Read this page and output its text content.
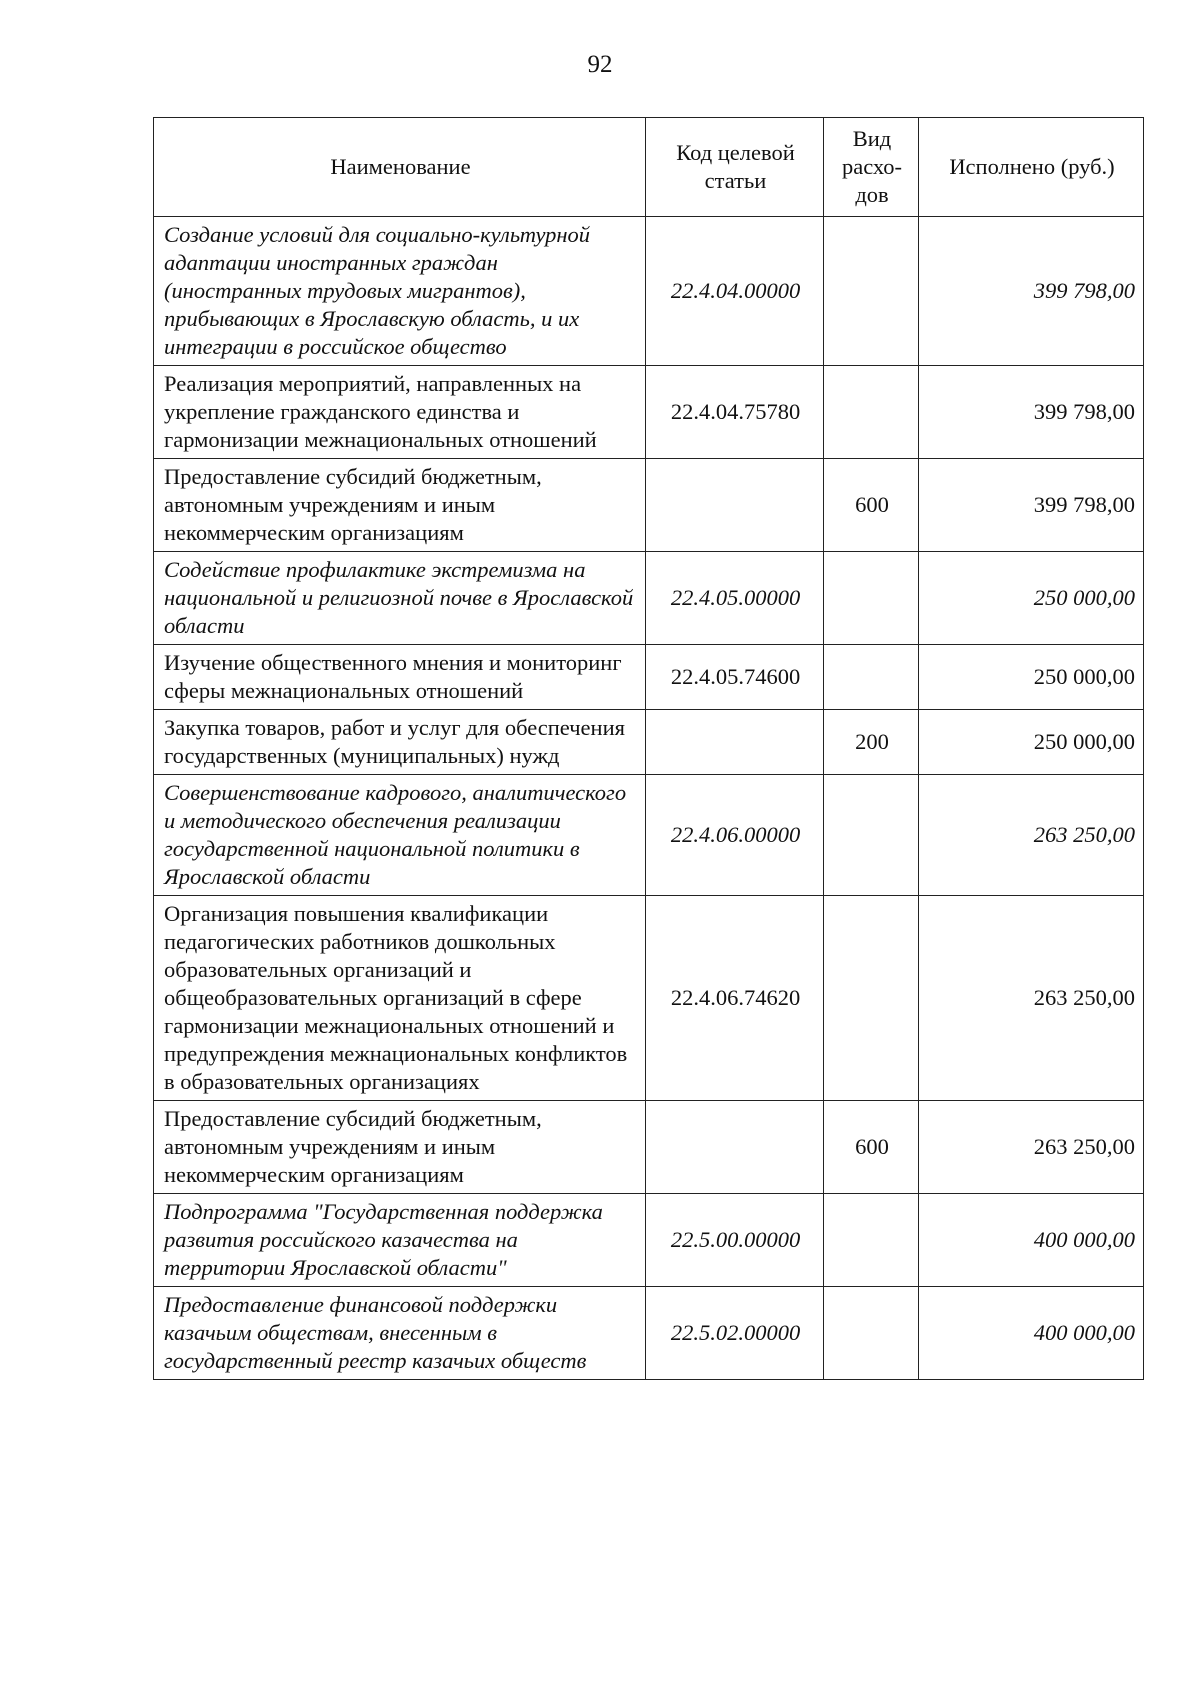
92
Наименование	Код целевой статьи	Вид расхо-дов	Исполнено (руб.)
Создание условий для социально-культурной адаптации иностранных граждан (иностранных трудовых мигрантов), прибывающих в Ярославскую область, и их интеграции в российское общество	22.4.04.00000		399 798,00
Реализация мероприятий, направленных на укрепление гражданского единства и гармонизации межнациональных отношений	22.4.04.75780		399 798,00
Предоставление субсидий бюджетным, автономным учреждениям и иным некоммерческим организациям		600	399 798,00
Содействие профилактике экстремизма на национальной и религиозной почве в Ярославской области	22.4.05.00000		250 000,00
Изучение общественного мнения и мониторинг сферы межнациональных отношений	22.4.05.74600		250 000,00
Закупка товаров, работ и услуг для обеспечения государственных (муниципальных) нужд		200	250 000,00
Совершенствование кадрового, аналитического и методического обеспечения реализации государственной национальной политики в Ярославской области	22.4.06.00000		263 250,00
Организация повышения квалификации педагогических работников дошкольных образовательных организаций и общеобразовательных организаций в сфере гармонизации межнациональных отношений и предупреждения межнациональных конфликтов в образовательных организациях	22.4.06.74620		263 250,00
Предоставление субсидий бюджетным, автономным учреждениям и иным некоммерческим организациям		600	263 250,00
Подпрограмма "Государственная поддержка развития российского казачества на территории Ярославской области"	22.5.00.00000		400 000,00
Предоставление финансовой поддержки казачьим обществам, внесенным в государственный реестр казачьих обществ	22.5.02.00000		400 000,00
